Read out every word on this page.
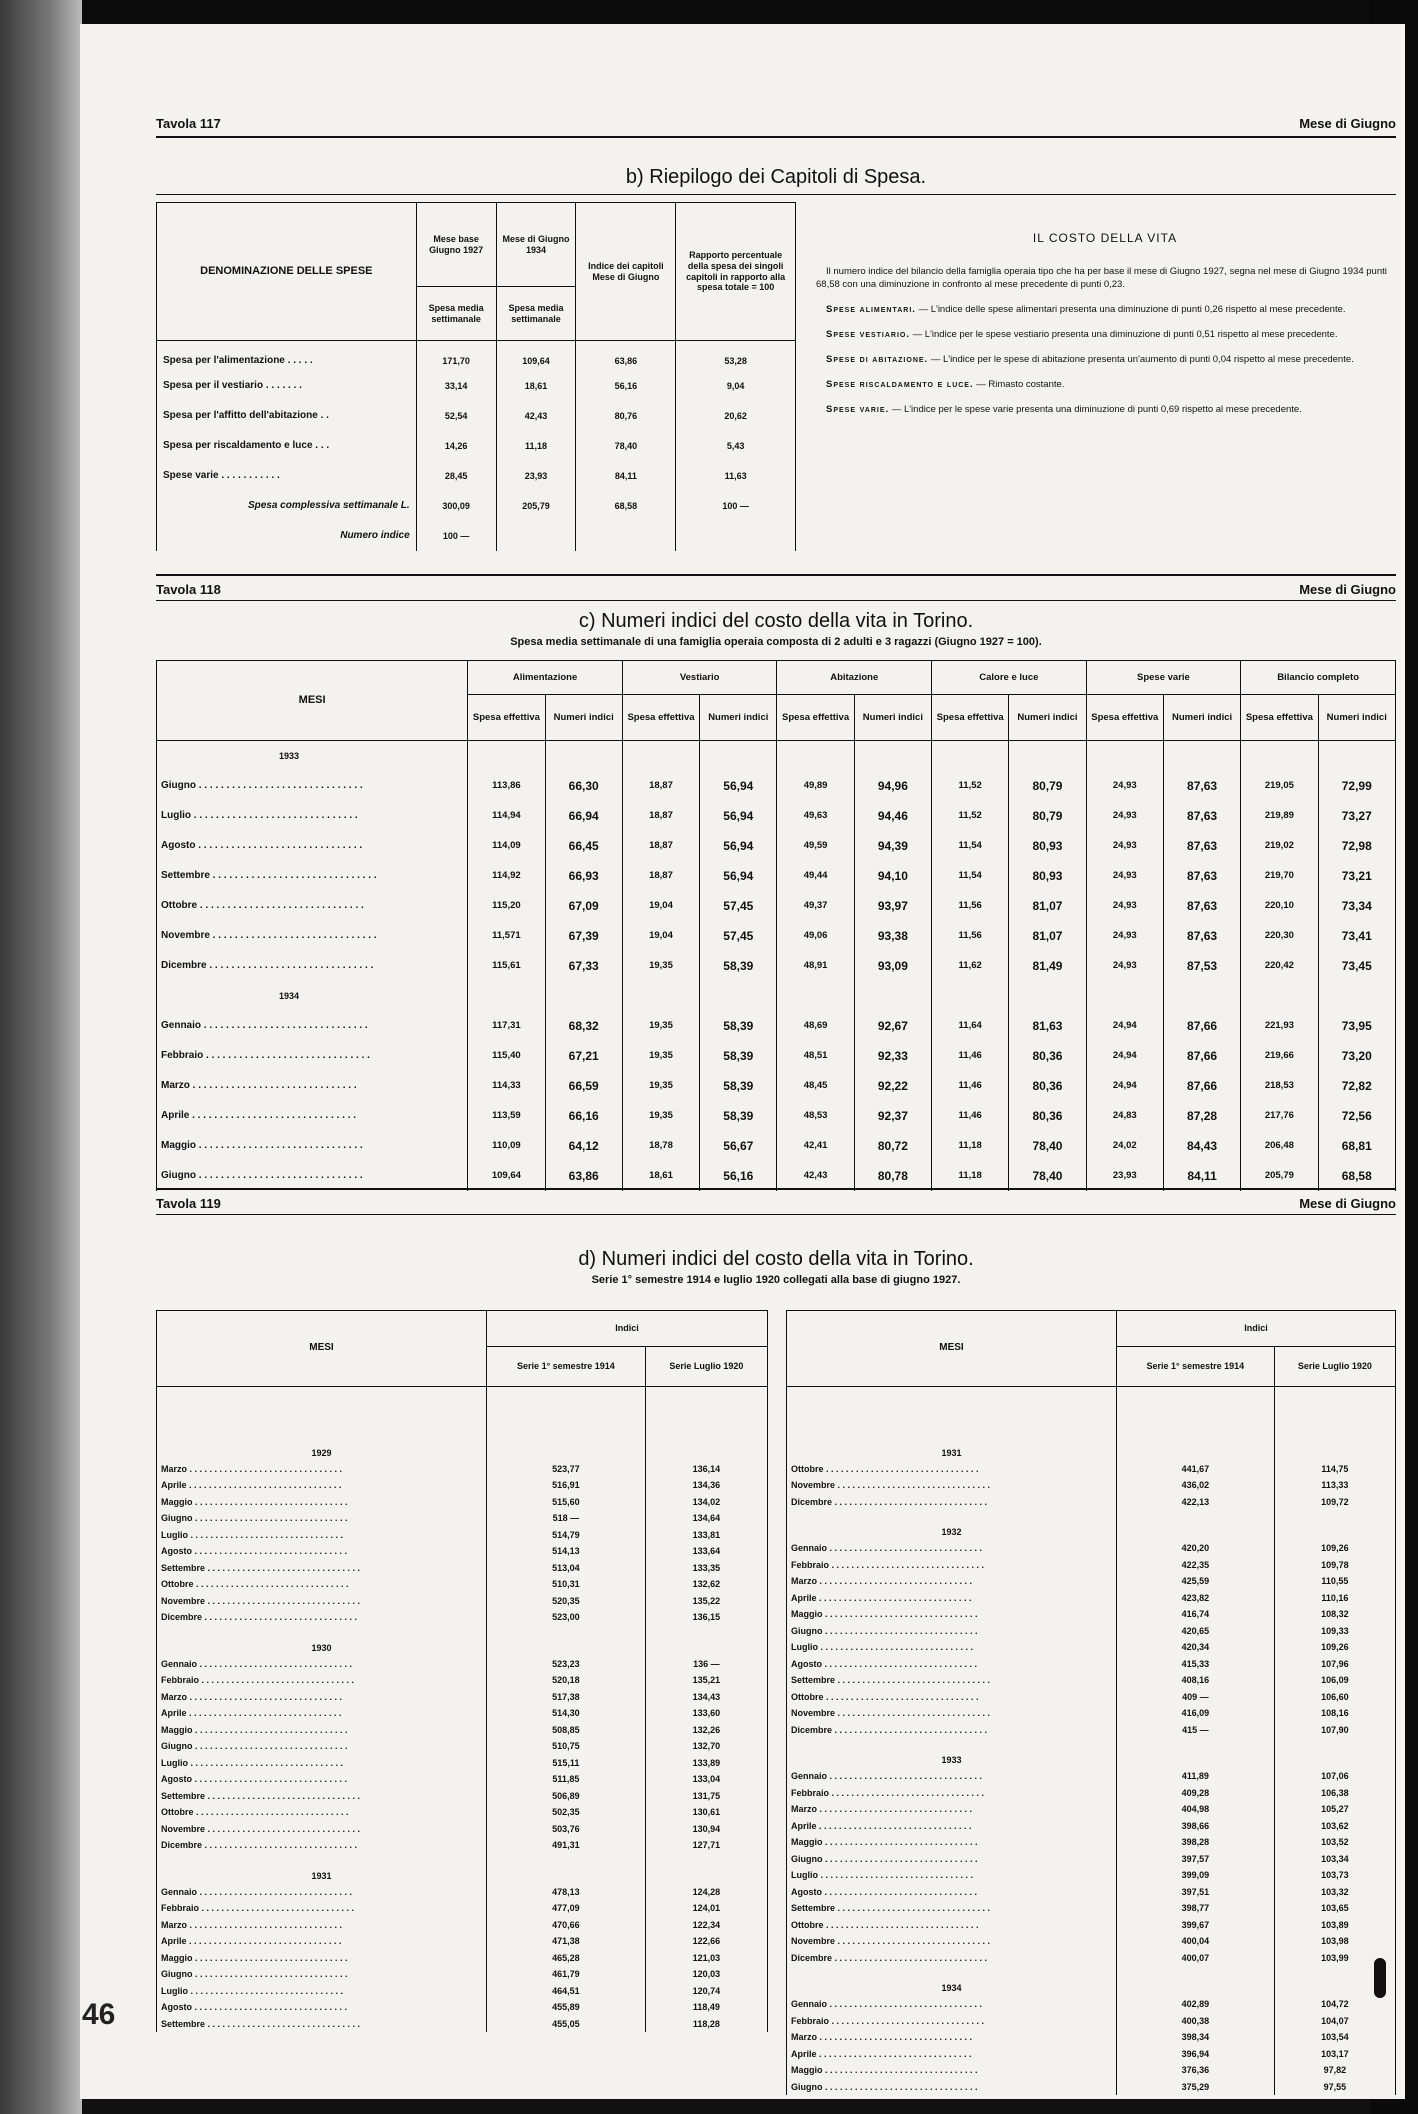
Tavola 117	Mese di Giugno
b) Riepilogo dei Capitoli di Spesa.
DENOMINAZIONE DELLE SPESE	Mese base Giugno 1927	Mese di Giugno 1934	Indice dei capitoli Mese di Giugno	Rapporto percentuale della spesa dei singoli capitoli in rapporto alla spesa totale = 100
	Spesa media settimanale	Spesa media settimanale		
Spesa per l'alimentazione . . . . .	171,70	109,64	63,86	53,28
Spesa per il vestiario . . . . . . .	33,14	18,61	56,16	9,04
Spesa per l'affitto dell'abitazione . .	52,54	42,43	80,76	20,62
Spesa per riscaldamento e luce . . .	14,26	11,18	78,40	5,43
Spese varie . . . . . . . . . . .	28,45	23,93	84,11	11,63
Spesa complessiva settimanale L.	300,09	205,79	68,58	100 —
Numero indice	100 —			
IL COSTO DELLA VITA

Il numero indice del bilancio della famiglia operaia tipo che ha per base il mese di Giugno 1927, segna nel mese di Giugno 1934 punti 68,58 con una diminuzione in confronto al mese precedente di punti 0,23.

Spese alimentari. — L'indice delle spese alimentari presenta una diminuzione di punti 0,26 rispetto al mese precedente.

Spese vestiario. — L'indice per le spese vestiario presenta una diminuzione di punti 0,51 rispetto al mese precedente.

Spese di abitazione. — L'indice per le spese di abitazione presenta un'aumento di punti 0,04 rispetto al mese precedente.

Spese riscaldamento e luce. — Rimasto costante.

Spese varie. — L'indice per le spese varie presenta una diminuzione di punti 0,69 rispetto al mese precedente.

Tavola 118	Mese di Giugno
c) Numeri indici del costo della vita in Torino.
Spesa media settimanale di una famiglia operaia composta di 2 adulti e 3 ragazzi (Giugno 1927 = 100).
MESI	Alimentazione		Vestiario		Abitazione		Calore e luce		Spese varie		Bilancio completo	
	Spesa effettiva	Numeri indici	Spesa effettiva	Numeri indici	Spesa effettiva	Numeri indici	Spesa effettiva	Numeri indici	Spesa effettiva	Numeri indici	Spesa effettiva	Numeri indici
1933												
Giugno . . . . . . . . . . . . . . . . . . . . . . . . . . . . . .	113,86	66,30	18,87	56,94	49,89	94,96	11,52	80,79	24,93	87,63	219,05	72,99
Luglio . . . . . . . . . . . . . . . . . . . . . . . . . . . . . .	114,94	66,94	18,87	56,94	49,63	94,46	11,52	80,79	24,93	87,63	219,89	73,27
Agosto . . . . . . . . . . . . . . . . . . . . . . . . . . . . . .	114,09	66,45	18,87	56,94	49,59	94,39	11,54	80,93	24,93	87,63	219,02	72,98
Settembre . . . . . . . . . . . . . . . . . . . . . . . . . . . . . .	114,92	66,93	18,87	56,94	49,44	94,10	11,54	80,93	24,93	87,63	219,70	73,21
Ottobre . . . . . . . . . . . . . . . . . . . . . . . . . . . . . .	115,20	67,09	19,04	57,45	49,37	93,97	11,56	81,07	24,93	87,63	220,10	73,34
Novembre . . . . . . . . . . . . . . . . . . . . . . . . . . . . . .	11,571	67,39	19,04	57,45	49,06	93,38	11,56	81,07	24,93	87,63	220,30	73,41
Dicembre . . . . . . . . . . . . . . . . . . . . . . . . . . . . . .	115,61	67,33	19,35	58,39	48,91	93,09	11,62	81,49	24,93	87,53	220,42	73,45
1934												
Gennaio . . . . . . . . . . . . . . . . . . . . . . . . . . . . . .	117,31	68,32	19,35	58,39	48,69	92,67	11,64	81,63	24,94	87,66	221,93	73,95
Febbraio . . . . . . . . . . . . . . . . . . . . . . . . . . . . . .	115,40	67,21	19,35	58,39	48,51	92,33	11,46	80,36	24,94	87,66	219,66	73,20
Marzo . . . . . . . . . . . . . . . . . . . . . . . . . . . . . .	114,33	66,59	19,35	58,39	48,45	92,22	11,46	80,36	24,94	87,66	218,53	72,82
Aprile . . . . . . . . . . . . . . . . . . . . . . . . . . . . . .	113,59	66,16	19,35	58,39	48,53	92,37	11,46	80,36	24,83	87,28	217,76	72,56
Maggio . . . . . . . . . . . . . . . . . . . . . . . . . . . . . .	110,09	64,12	18,78	56,67	42,41	80,72	11,18	78,40	24,02	84,43	206,48	68,81
Giugno . . . . . . . . . . . . . . . . . . . . . . . . . . . . . .	109,64	63,86	18,61	56,16	42,43	80,78	11,18	78,40	23,93	84,11	205,79	68,58
Tavola 119	Mese di Giugno
d) Numeri indici del costo della vita in Torino.
Serie 1° semestre 1914 e luglio 1920 collegati alla base di giugno 1927.
MESI	Indici	
	Serie 1° semestre 1914	Serie Luglio 1920

1929		
Marzo . . . . . . . . . . . . . . . . . . . . . . . . . . . . . . .	523,77	136,14
Aprile . . . . . . . . . . . . . . . . . . . . . . . . . . . . . . .	516,91	134,36
Maggio . . . . . . . . . . . . . . . . . . . . . . . . . . . . . . .	515,60	134,02
Giugno . . . . . . . . . . . . . . . . . . . . . . . . . . . . . . .	518 —	134,64
Luglio . . . . . . . . . . . . . . . . . . . . . . . . . . . . . . .	514,79	133,81
Agosto . . . . . . . . . . . . . . . . . . . . . . . . . . . . . . .	514,13	133,64
Settembre . . . . . . . . . . . . . . . . . . . . . . . . . . . . . . .	513,04	133,35
Ottobre . . . . . . . . . . . . . . . . . . . . . . . . . . . . . . .	510,31	132,62
Novembre . . . . . . . . . . . . . . . . . . . . . . . . . . . . . . .	520,35	135,22
Dicembre . . . . . . . . . . . . . . . . . . . . . . . . . . . . . . .	523,00	136,15
1930		
Gennaio . . . . . . . . . . . . . . . . . . . . . . . . . . . . . . .	523,23	136 —
Febbraio . . . . . . . . . . . . . . . . . . . . . . . . . . . . . . .	520,18	135,21
Marzo . . . . . . . . . . . . . . . . . . . . . . . . . . . . . . .	517,38	134,43
Aprile . . . . . . . . . . . . . . . . . . . . . . . . . . . . . . .	514,30	133,60
Maggio . . . . . . . . . . . . . . . . . . . . . . . . . . . . . . .	508,85	132,26
Giugno . . . . . . . . . . . . . . . . . . . . . . . . . . . . . . .	510,75	132,70
Luglio . . . . . . . . . . . . . . . . . . . . . . . . . . . . . . .	515,11	133,89
Agosto . . . . . . . . . . . . . . . . . . . . . . . . . . . . . . .	511,85	133,04
Settembre . . . . . . . . . . . . . . . . . . . . . . . . . . . . . . .	506,89	131,75
Ottobre . . . . . . . . . . . . . . . . . . . . . . . . . . . . . . .	502,35	130,61
Novembre . . . . . . . . . . . . . . . . . . . . . . . . . . . . . . .	503,76	130,94
Dicembre . . . . . . . . . . . . . . . . . . . . . . . . . . . . . . .	491,31	127,71
1931		
Gennaio . . . . . . . . . . . . . . . . . . . . . . . . . . . . . . .	478,13	124,28
Febbraio . . . . . . . . . . . . . . . . . . . . . . . . . . . . . . .	477,09	124,01
Marzo . . . . . . . . . . . . . . . . . . . . . . . . . . . . . . .	470,66	122,34
Aprile . . . . . . . . . . . . . . . . . . . . . . . . . . . . . . .	471,38	122,66
Maggio . . . . . . . . . . . . . . . . . . . . . . . . . . . . . . .	465,28	121,03
Giugno . . . . . . . . . . . . . . . . . . . . . . . . . . . . . . .	461,79	120,03
Luglio . . . . . . . . . . . . . . . . . . . . . . . . . . . . . . .	464,51	120,74
Agosto . . . . . . . . . . . . . . . . . . . . . . . . . . . . . . .	455,89	118,49
Settembre . . . . . . . . . . . . . . . . . . . . . . . . . . . . . . .	455,05	118,28
MESI	Indici	
	Serie 1° semestre 1914	Serie Luglio 1920

1931		
Ottobre . . . . . . . . . . . . . . . . . . . . . . . . . . . . . . .	441,67	114,75
Novembre . . . . . . . . . . . . . . . . . . . . . . . . . . . . . . .	436,02	113,33
Dicembre . . . . . . . . . . . . . . . . . . . . . . . . . . . . . . .	422,13	109,72
1932		
Gennaio . . . . . . . . . . . . . . . . . . . . . . . . . . . . . . .	420,20	109,26
Febbraio . . . . . . . . . . . . . . . . . . . . . . . . . . . . . . .	422,35	109,78
Marzo . . . . . . . . . . . . . . . . . . . . . . . . . . . . . . .	425,59	110,55
Aprile . . . . . . . . . . . . . . . . . . . . . . . . . . . . . . .	423,82	110,16
Maggio . . . . . . . . . . . . . . . . . . . . . . . . . . . . . . .	416,74	108,32
Giugno . . . . . . . . . . . . . . . . . . . . . . . . . . . . . . .	420,65	109,33
Luglio . . . . . . . . . . . . . . . . . . . . . . . . . . . . . . .	420,34	109,26
Agosto . . . . . . . . . . . . . . . . . . . . . . . . . . . . . . .	415,33	107,96
Settembre . . . . . . . . . . . . . . . . . . . . . . . . . . . . . . .	408,16	106,09
Ottobre . . . . . . . . . . . . . . . . . . . . . . . . . . . . . . .	409 —	106,60
Novembre . . . . . . . . . . . . . . . . . . . . . . . . . . . . . . .	416,09	108,16
Dicembre . . . . . . . . . . . . . . . . . . . . . . . . . . . . . . .	415 —	107,90
1933		
Gennaio . . . . . . . . . . . . . . . . . . . . . . . . . . . . . . .	411,89	107,06
Febbraio . . . . . . . . . . . . . . . . . . . . . . . . . . . . . . .	409,28	106,38
Marzo . . . . . . . . . . . . . . . . . . . . . . . . . . . . . . .	404,98	105,27
Aprile . . . . . . . . . . . . . . . . . . . . . . . . . . . . . . .	398,66	103,62
Maggio . . . . . . . . . . . . . . . . . . . . . . . . . . . . . . .	398,28	103,52
Giugno . . . . . . . . . . . . . . . . . . . . . . . . . . . . . . .	397,57	103,34
Luglio . . . . . . . . . . . . . . . . . . . . . . . . . . . . . . .	399,09	103,73
Agosto . . . . . . . . . . . . . . . . . . . . . . . . . . . . . . .	397,51	103,32
Settembre . . . . . . . . . . . . . . . . . . . . . . . . . . . . . . .	398,77	103,65
Ottobre . . . . . . . . . . . . . . . . . . . . . . . . . . . . . . .	399,67	103,89
Novembre . . . . . . . . . . . . . . . . . . . . . . . . . . . . . . .	400,04	103,98
Dicembre . . . . . . . . . . . . . . . . . . . . . . . . . . . . . . .	400,07	103,99
1934		
Gennaio . . . . . . . . . . . . . . . . . . . . . . . . . . . . . . .	402,89	104,72
Febbraio . . . . . . . . . . . . . . . . . . . . . . . . . . . . . . .	400,38	104,07
Marzo . . . . . . . . . . . . . . . . . . . . . . . . . . . . . . .	398,34	103,54
Aprile . . . . . . . . . . . . . . . . . . . . . . . . . . . . . . .	396,94	103,17
Maggio . . . . . . . . . . . . . . . . . . . . . . . . . . . . . . .	376,36	97,82
Giugno . . . . . . . . . . . . . . . . . . . . . . . . . . . . . . .	375,29	97,55
46
